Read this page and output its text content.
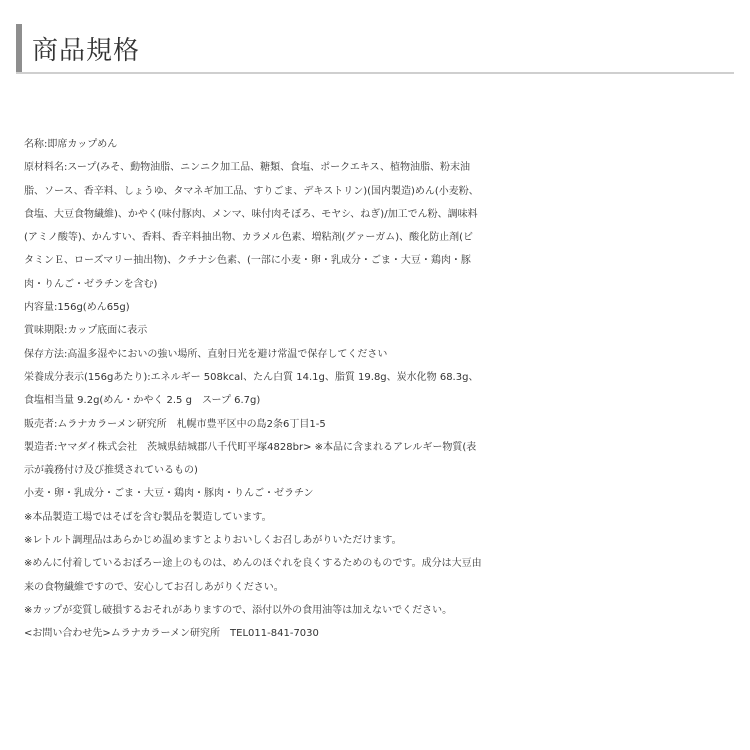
商品規格
名称:即席カップめん
原材料名:スープ(みそ、動物油脂、ニンニク加工品、糖類、食塩、ポークエキス、植物油脂、粉末油
脂、ソース、香辛料、しょうゆ、タマネギ加工品、すりごま、デキストリン)(国内製造)めん(小麦粉、
食塩、大豆食物繊維)、かやく(味付豚肉、メンマ、味付肉そぼろ、モヤシ、ねぎ)/加工でん粉、調味料
(アミノ酸等)、かんすい、香料、香辛料抽出物、カラメル色素、増粘剤(グァーガム)、酸化防止剤(ビ
タミンＥ、ローズマリー抽出物)、クチナシ色素、(一部に小麦・卵・乳成分・ごま・大豆・鶏肉・豚
肉・りんご・ゼラチンを含む)
内容量:156g(めん65g)
賞味期限:カップ底面に表示
保存方法:高温多湿やにおいの強い場所、直射日光を避け常温で保存してください
栄養成分表示(156gあたり):エネルギー 508kcal、たん白質 14.1g、脂質 19.8g、炭水化物 68.3g、
食塩相当量 9.2g(めん・かやく 2.5 g　スープ 6.7g)
販売者:ムラナカラーメン研究所　札幌市豊平区中の島2条6丁目1-5
製造者:ヤマダイ株式会社　茨城県結城郡八千代町平塚4828br> ※本品に含まれるアレルギー物質(表
示が義務付け及び推奨されているもの)
小麦・卵・乳成分・ごま・大豆・鶏肉・豚肉・りんご・ゼラチン
※本品製造工場ではそばを含む製品を製造しています。
※レトルト調理品はあらかじめ温めますとよりおいしくお召しあがりいただけます。
※めんに付着しているおぼろー途上のものは、めんのほぐれを良くするためのものです。成分は大豆由
来の食物繊維ですので、安心してお召しあがりください。
※カップが変質し破損するおそれがありますので、添付以外の食用油等は加えないでください。
<お問い合わせ先>ムラナカラーメン研究所　TEL011-841-7030
